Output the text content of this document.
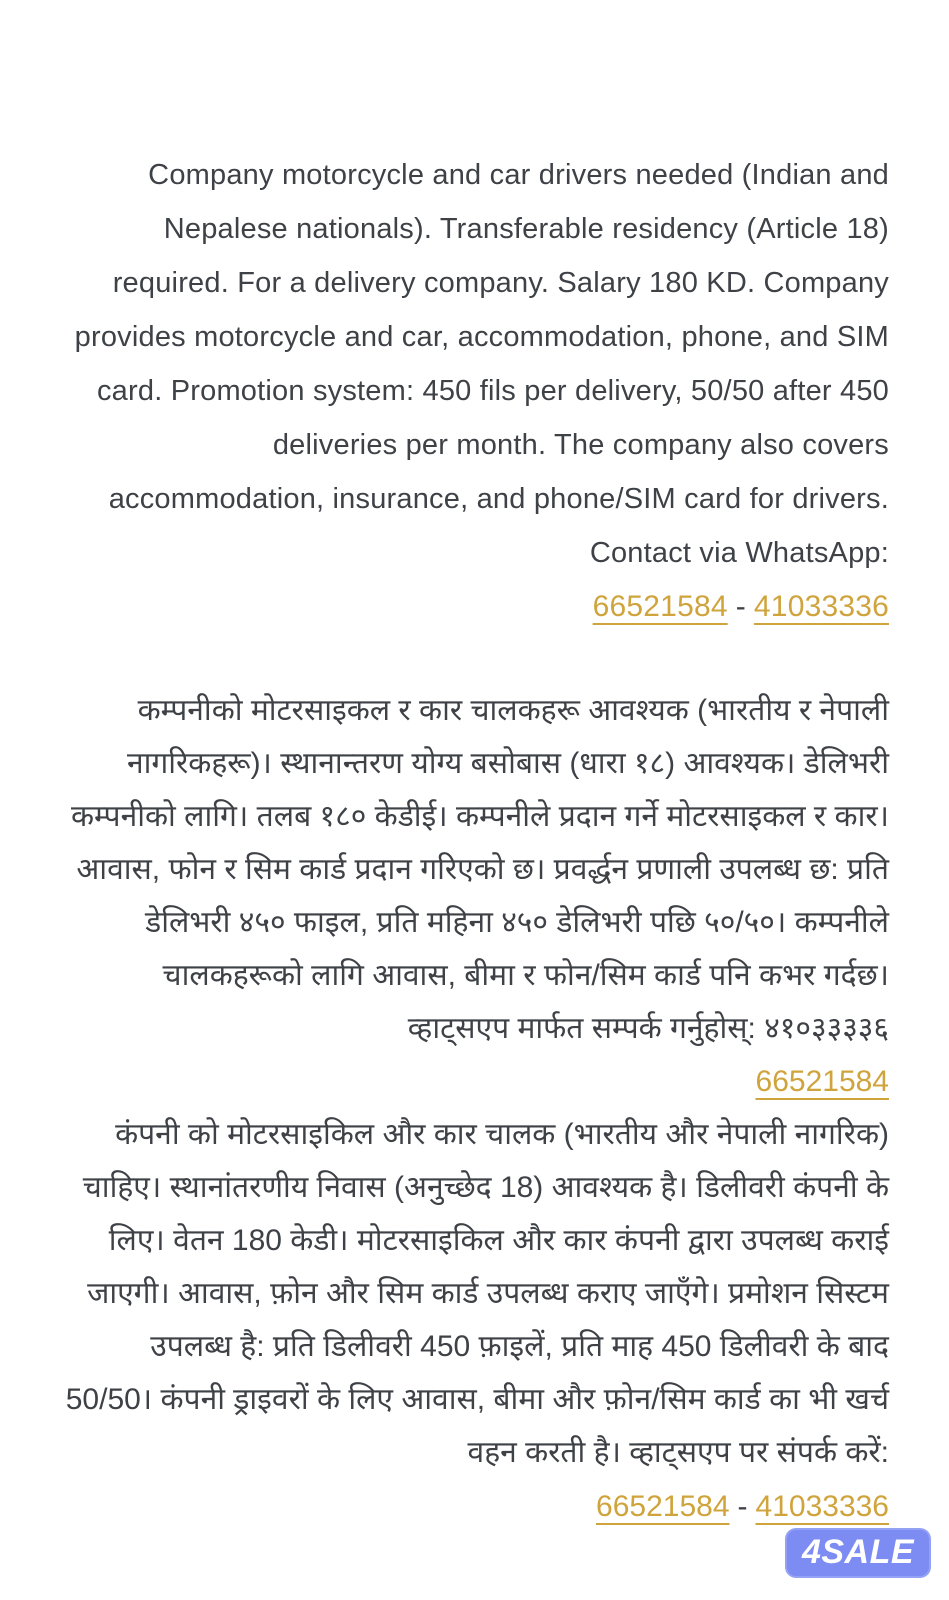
Company motorcycle and car drivers needed (Indian and Nepalese nationals). Transferable residency (Article 18) required. For a delivery company. Salary 180 KD. Company provides motorcycle and car, accommodation, phone, and SIM card. Promotion system: 450 fils per delivery, 50/50 after 450 deliveries per month. The company also covers accommodation, insurance, and phone/SIM card for drivers. Contact via WhatsApp:

66521584 - 41033336

कम्पनीको मोटरसाइकल र कार चालकहरू आवश्यक (भारतीय र नेपाली नागरिकहरू)। स्थानान्तरण योग्य बसोबास (धारा १८) आवश्यक। डेलिभरी कम्पनीको लागि। तलब १८० केडीई। कम्पनीले प्रदान गर्ने मोटरसाइकल र कार। आवास, फोन र सिम कार्ड प्रदान गरिएको छ। प्रवर्द्धन प्रणाली उपलब्ध छ: प्रति डेलिभरी ४५० फाइल, प्रति महिना ४५० डेलिभरी पछि ५०/५०। कम्पनीले चालकहरूको लागि आवास, बीमा र फोन/सिम कार्ड पनि कभर गर्दछ। व्हाट्सएप मार्फत सम्पर्क गर्नुहोस्: ४१०३३३३६

66521584

कंपनी को मोटरसाइकिल और कार चालक (भारतीय और नेपाली नागरिक) चाहिए। स्थानांतरणीय निवास (अनुच्छेद 18) आवश्यक है। डिलीवरी कंपनी के लिए। वेतन 180 केडी। मोटरसाइकिल और कार कंपनी द्वारा उपलब्ध कराई जाएगी। आवास, फ़ोन और सिम कार्ड उपलब्ध कराए जाएँगे। प्रमोशन सिस्टम उपलब्ध है: प्रति डिलीवरी 450 फ़ाइलें, प्रति माह 450 डिलीवरी के बाद 50/50। कंपनी ड्राइवरों के लिए आवास, बीमा और फ़ोन/सिम कार्ड का भी खर्च वहन करती है। व्हाट्सएप पर संपर्क करें:

66521584 - 41033336
4SALE
